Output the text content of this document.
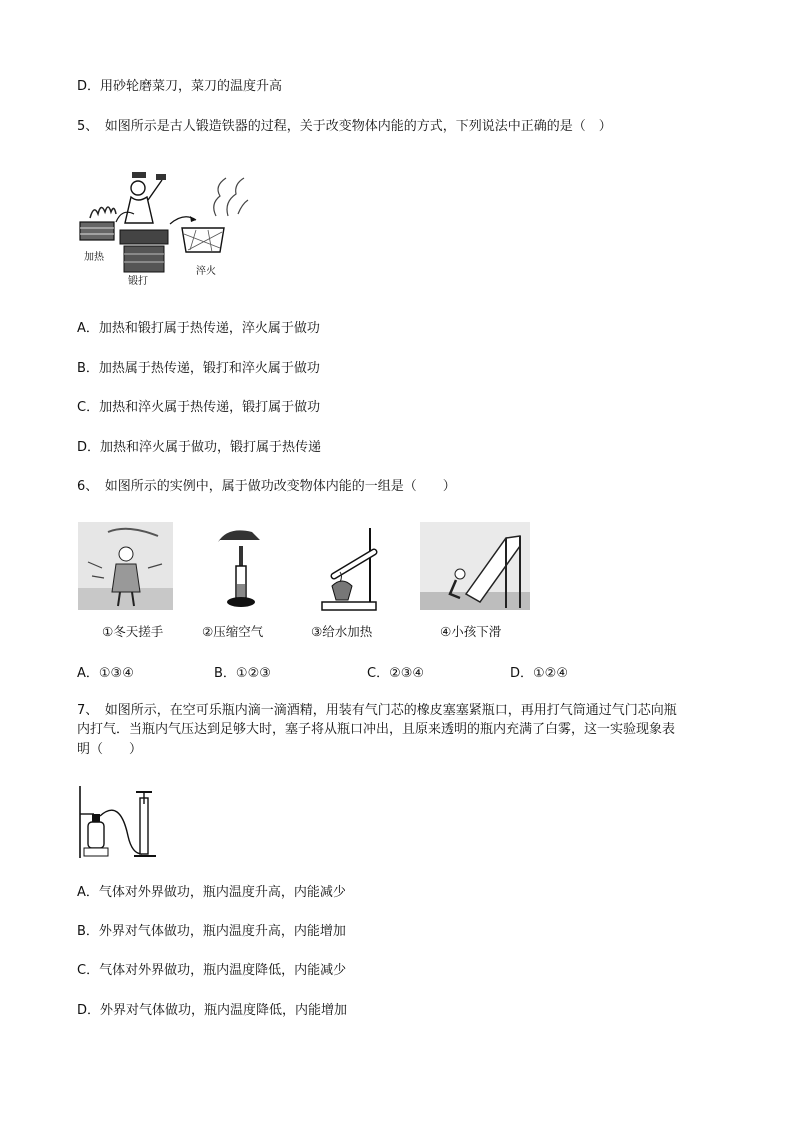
D．用砂轮磨菜刀，菜刀的温度升高
5、　如图所示是古人锻造铁器的过程，关于改变物体内能的方式，下列说法中正确的是（　）
加热
锻打
淬火
A．加热和锻打属于热传递，淬火属于做功
B．加热属于热传递，锻打和淬火属于做功
C．加热和淬火属于热传递，锻打属于做功
D．加热和淬火属于做功，锻打属于热传递
6、　如图所示的实例中，属于做功改变物体内能的一组是（　　）
①冬天搓手	②压缩空气	③给水加热	④小孩下滑
A．①③④	B．①②③	C．②③④	D．①②④
7、　如图所示，在空可乐瓶内滴一滴酒精，用装有气门芯的橡皮塞塞紧瓶口，再用打气筒通过气门芯向瓶
内打气．当瓶内气压达到足够大时，塞子将从瓶口冲出，且原来透明的瓶内充满了白雾，这一实验现象表
明（　　）
A．气体对外界做功，瓶内温度升高，内能减少
B．外界对气体做功，瓶内温度升高，内能增加
C．气体对外界做功，瓶内温度降低，内能减少
D．外界对气体做功，瓶内温度降低，内能增加
